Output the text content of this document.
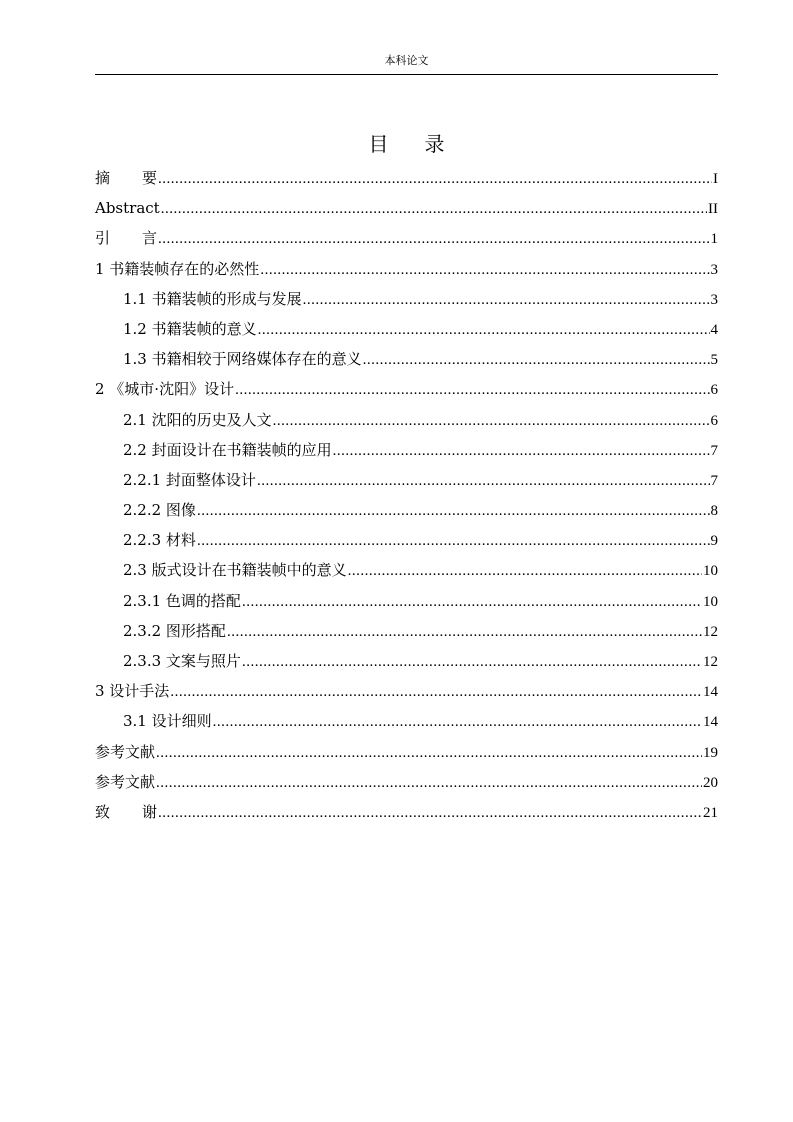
本科论文
目录
摘要 .....	I
Abstract .....	II
引言 .....	1
1 书籍装帧存在的必然性 .....	3
1.1 书籍装帧的形成与发展 .....	3
1.2 书籍装帧的意义 .....	4
1.3 书籍相较于网络媒体存在的意义 .....	5
2 《城市·沈阳》设计 .....	6
2.1 沈阳的历史及人文 .....	6
2.2 封面设计在书籍装帧的应用 .....	7
2.2.1 封面整体设计 .....	7
2.2.2 图像 .....	8
2.2.3 材料 .....	9
2.3 版式设计在书籍装帧中的意义 .....	10
2.3.1 色调的搭配 .....	10
2.3.2 图形搭配 .....	12
2.3.3 文案与照片 .....	12
3 设计手法 .....	14
3.1 设计细则 .....	14
参考文献 .....	19
参考文献 .....	20
致谢 .....	21
